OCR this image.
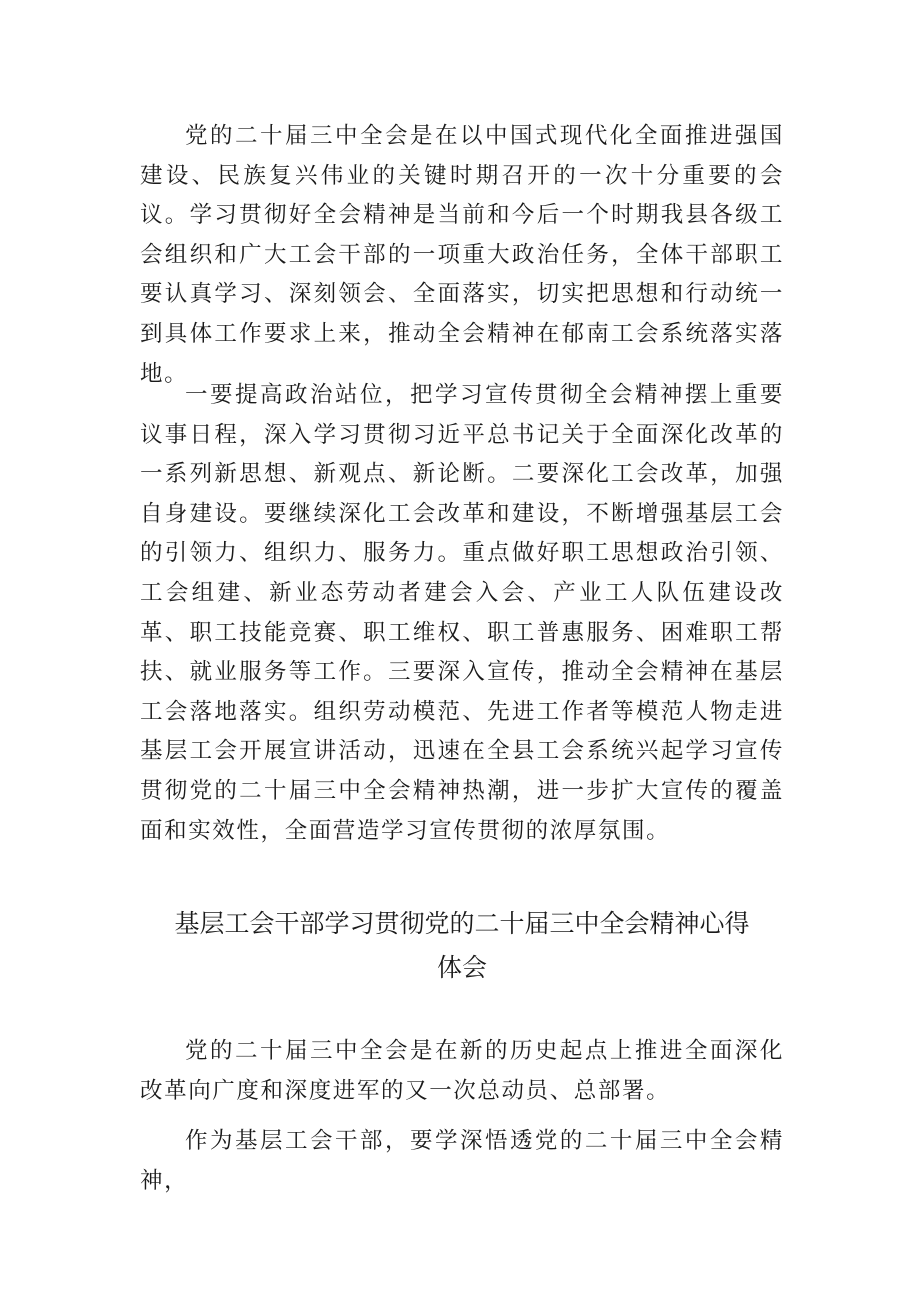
党的二十届三中全会是在以中国式现代化全面推进强国建设、民族复兴伟业的关键时期召开的一次十分重要的会议。学习贯彻好全会精神是当前和今后一个时期我县各级工会组织和广大工会干部的一项重大政治任务，全体干部职工要认真学习、深刻领会、全面落实，切实把思想和行动统一到具体工作要求上来，推动全会精神在郁南工会系统落实落地。

一要提高政治站位，把学习宣传贯彻全会精神摆上重要议事日程，深入学习贯彻习近平总书记关于全面深化改革的一系列新思想、新观点、新论断。二要深化工会改革，加强自身建设。要继续深化工会改革和建设，不断增强基层工会的引领力、组织力、服务力。重点做好职工思想政治引领、工会组建、新业态劳动者建会入会、产业工人队伍建设改革、职工技能竞赛、职工维权、职工普惠服务、困难职工帮扶、就业服务等工作。三要深入宣传，推动全会精神在基层工会落地落实。组织劳动模范、先进工作者等模范人物走进基层工会开展宣讲活动，迅速在全县工会系统兴起学习宣传贯彻党的二十届三中全会精神热潮，进一步扩大宣传的覆盖面和实效性，全面营造学习宣传贯彻的浓厚氛围。

基层工会干部学习贯彻党的二十届三中全会精神心得
体会

党的二十届三中全会是在新的历史起点上推进全面深化改革向广度和深度进军的又一次总动员、总部署。

作为基层工会干部，要学深悟透党的二十届三中全会精神，
